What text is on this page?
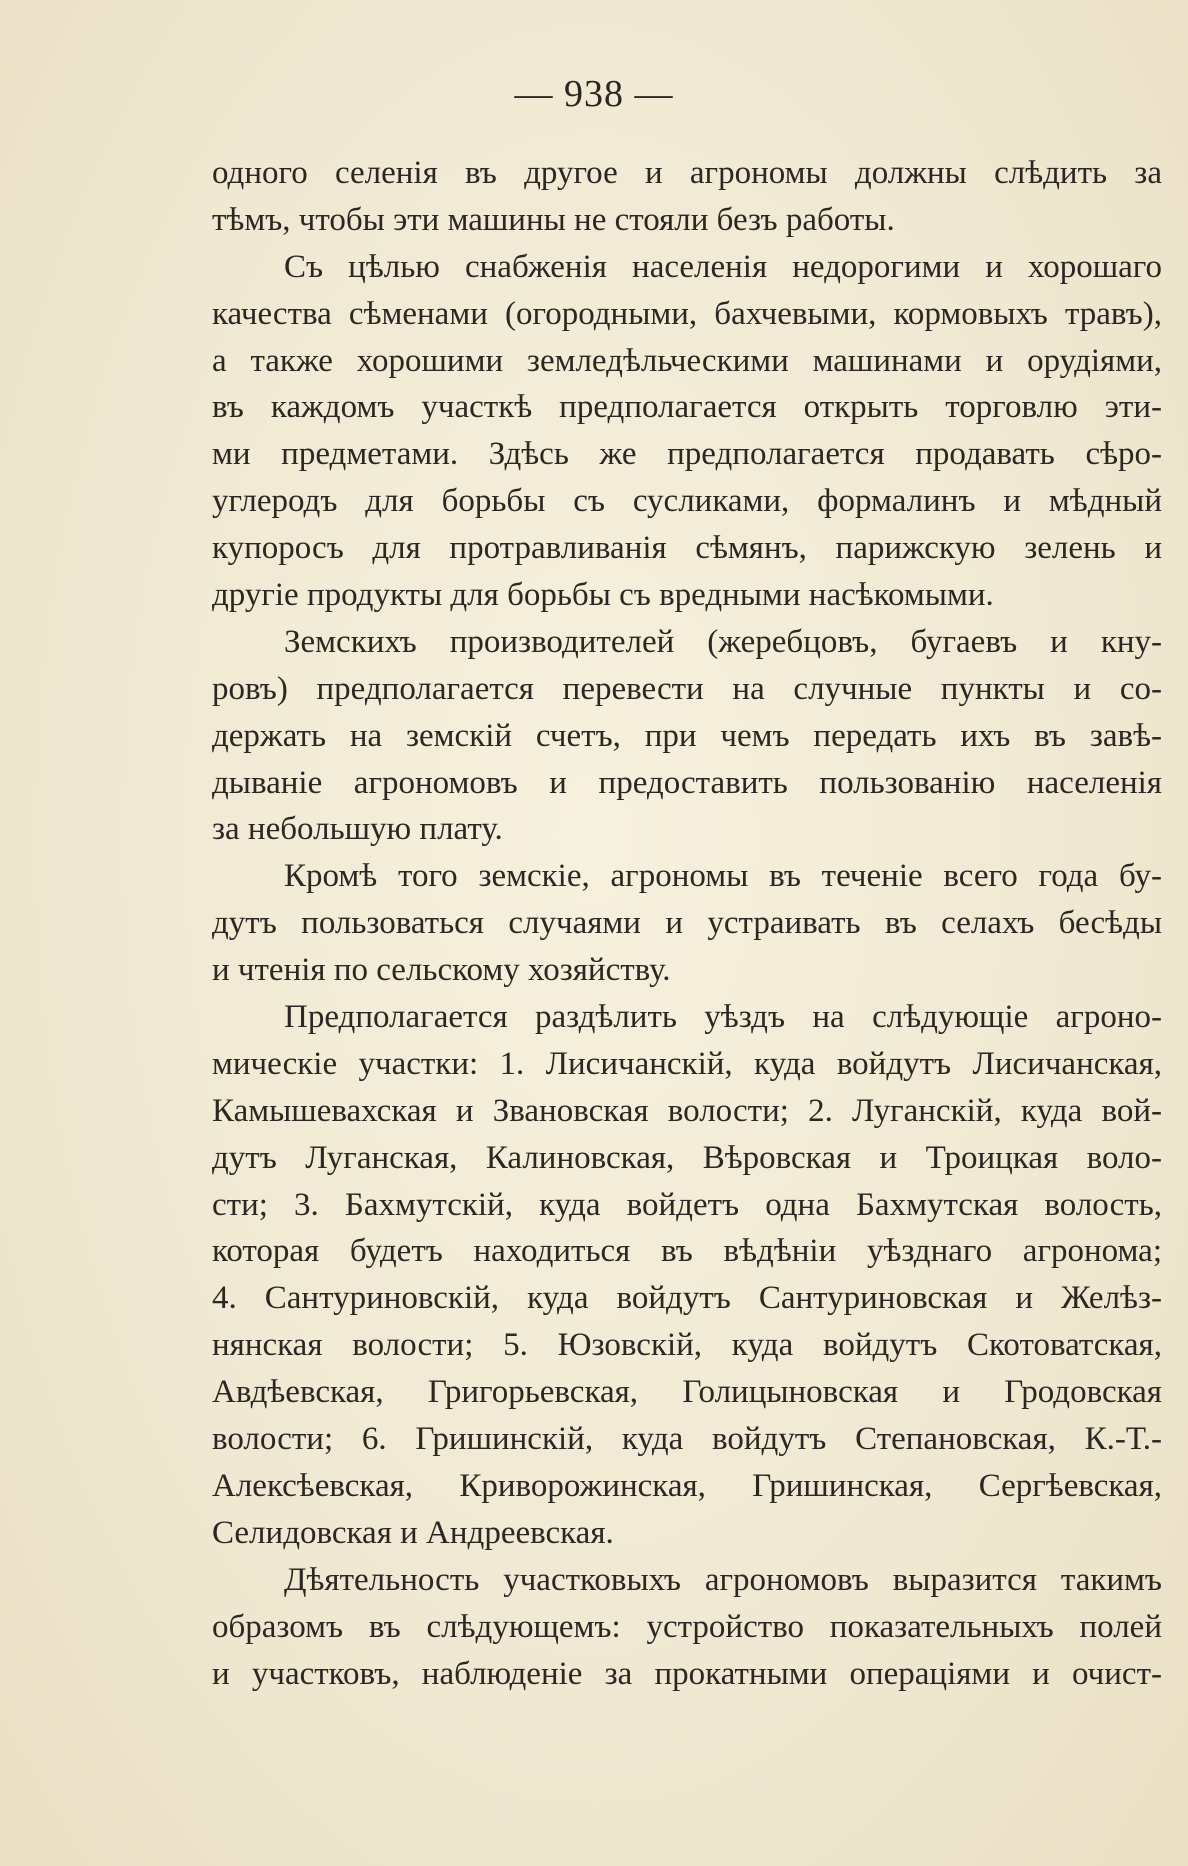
— 938 —
одного селенія въ другое и агрономы должны слѣдить за
тѣмъ, чтобы эти машины не стояли безъ работы.
Съ цѣлью снабженія населенія недорогими и хорошаго
качества сѣменами (огородными, бахчевыми, кормовыхъ травъ),
а также хорошими земледѣльческими машинами и орудіями,
въ каждомъ участкѣ предполагается открыть торговлю эти-
ми предметами. Здѣсь же предполагается продавать сѣро-
углеродъ для борьбы съ сусликами, формалинъ и мѣдный
купоросъ для протравливанія сѣмянъ, парижскую зелень и
другіе продукты для борьбы съ вредными насѣкомыми.
Земскихъ производителей (жеребцовъ, бугаевъ и кну-
ровъ) предполагается перевести на случные пункты и со-
держать на земскій счетъ, при чемъ передать ихъ въ завѣ-
дываніе агрономовъ и предоставить пользованію населенія
за небольшую плату.
Кромѣ того земскіе, агрономы въ теченіе всего года бу-
дутъ пользоваться случаями и устраивать въ селахъ бесѣды
и чтенія по сельскому хозяйству.
Предполагается раздѣлить уѣздъ на слѣдующіе агроно-
мическіе участки: 1. Лисичанскій, куда войдутъ Лисичанская,
Камышевахская и Звановская волости; 2. Луганскій, куда вой-
дутъ Луганская, Калиновская, Вѣровская и Троицкая воло-
сти; 3. Бахмутскій, куда войдетъ одна Бахмутская волость,
которая будетъ находиться въ вѣдѣніи уѣзднаго агронома;
4. Сантуриновскій, куда войдутъ Сантуриновская и Желѣз-
нянская волости; 5. Юзовскій, куда войдутъ Скотоватская,
Авдѣевская, Григорьевская, Голицыновская и Гродовская
волости; 6. Гришинскій, куда войдутъ Степановская, К.-Т.-
Алексѣевская, Криворожинская, Гришинская, Сергѣевская,
Селидовская и Андреевская.
Дѣятельность участковыхъ агрономовъ выразится такимъ
образомъ въ слѣдующемъ: устройство показательныхъ полей
и участковъ, наблюденіе за прокатными операціями и очист-
